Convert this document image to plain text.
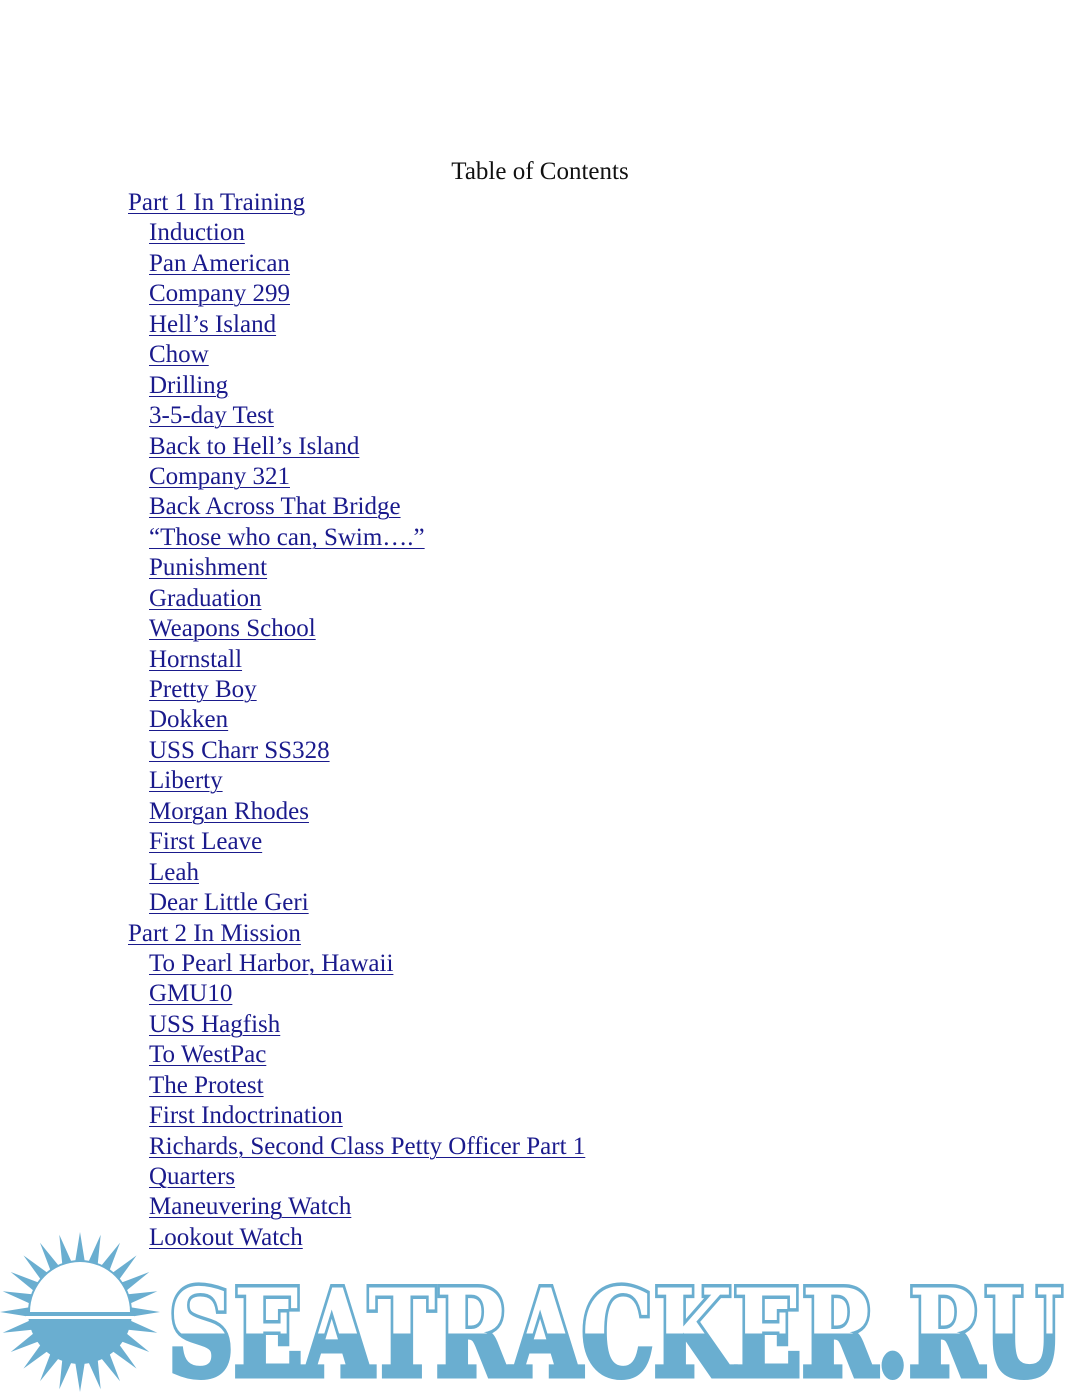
Table of Contents
Part 1 In Training
Induction
Pan American
Company 299
Hell’s Island
Chow
Drilling
3-5-day Test
Back to Hell’s Island
Company 321
Back Across That Bridge
“Those who can, Swim….”
Punishment
Graduation
Weapons School
Hornstall
Pretty Boy
Dokken
USS Charr SS328
Liberty
Morgan Rhodes
First Leave
Leah
Dear Little Geri
Part 2 In Mission
To Pearl Harbor, Hawaii
GMU10
USS Hagfish
To WestPac
The Protest
First Indoctrination
Richards, Second Class Petty Officer Part 1
Quarters
Maneuvering Watch
Lookout Watch
SEATRACKER.RU
